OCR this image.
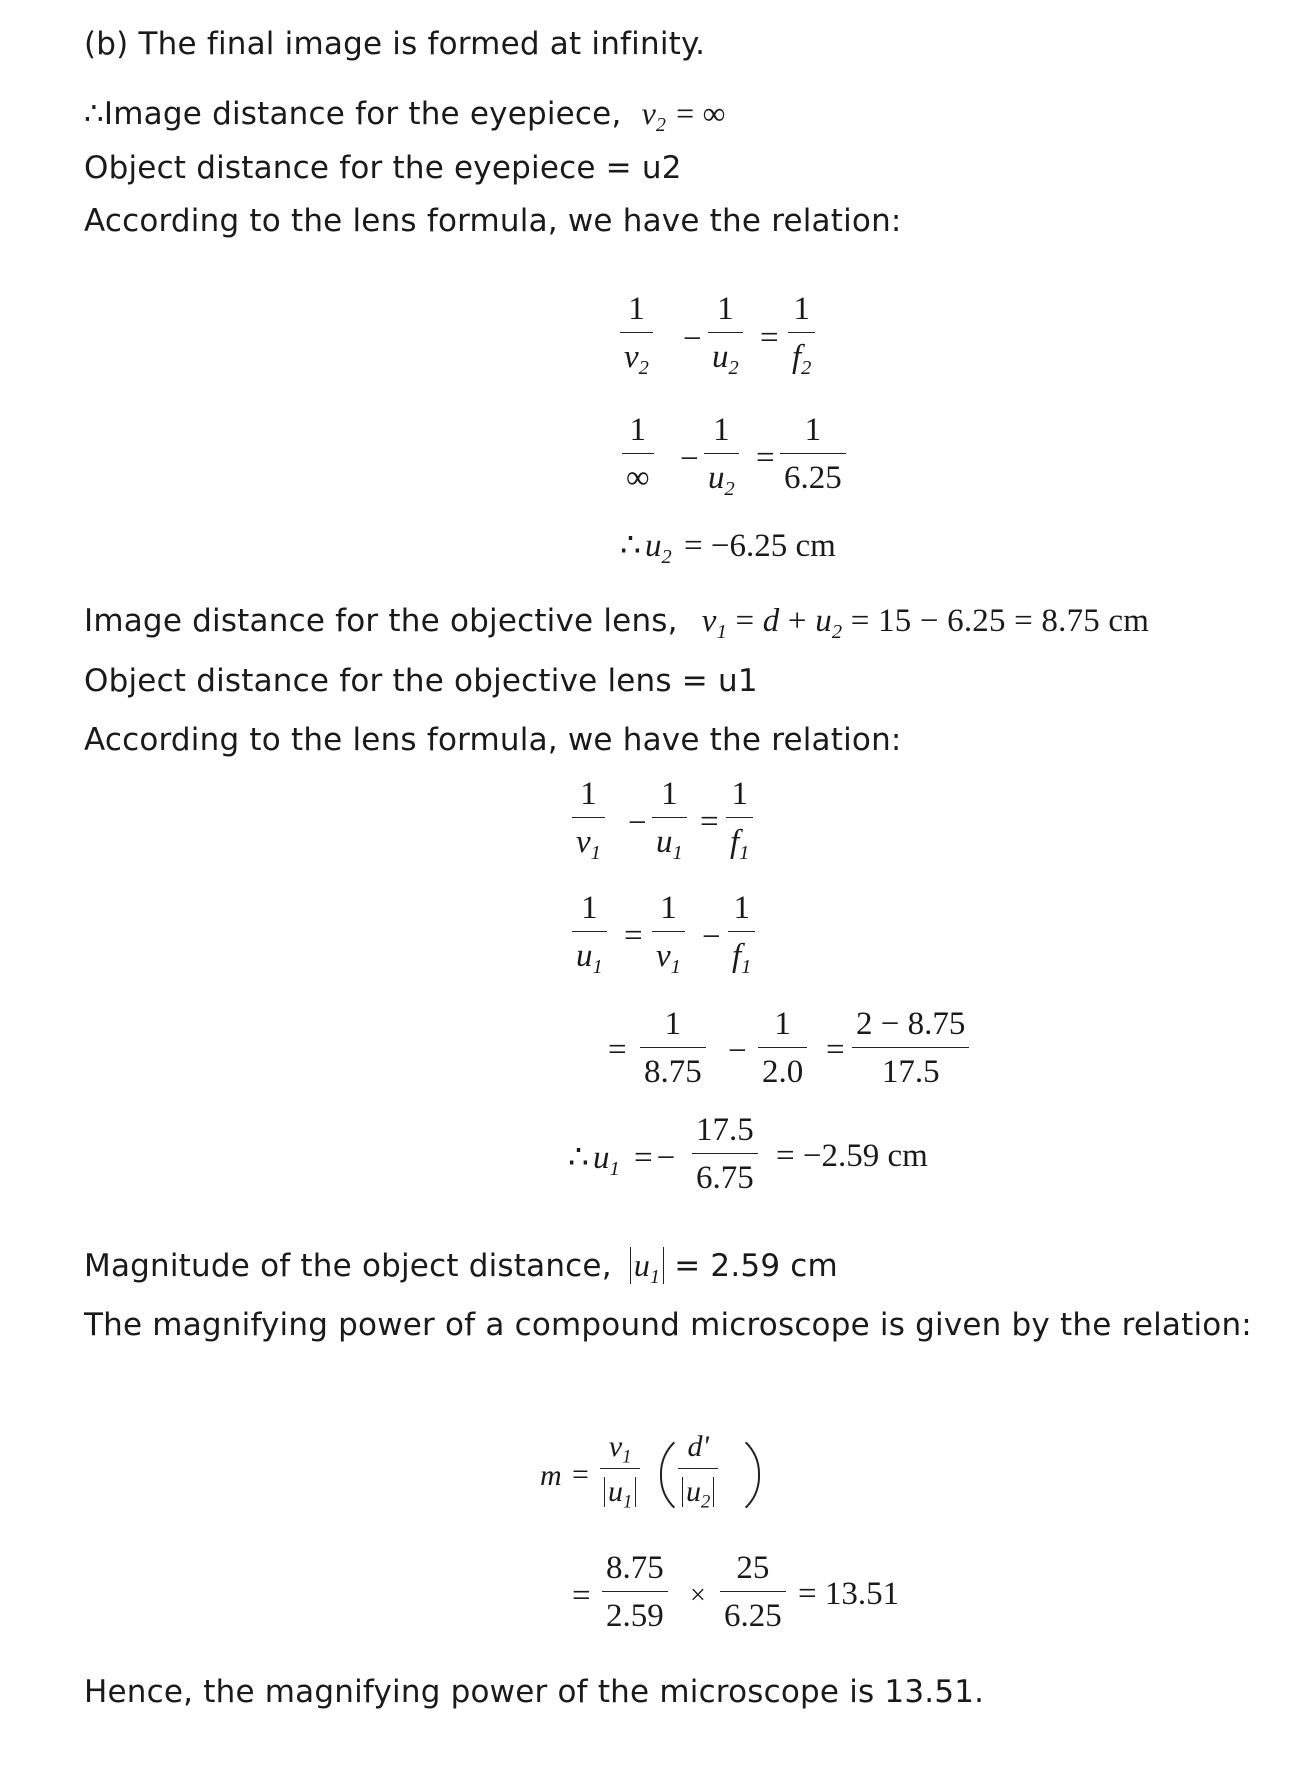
(b) The final image is formed at infinity.
∴Image distance for the eyepiece, $v_2$ = ∞
Object distance for the eyepiece = u2
According to the lens formula, we have the relation:
1
$v_2$
−
1
$u_2$
=
1
$f_2$
1
∞
−
1
$u_2$
=
1
6.25
∴ $u_2 = -6.25$ cm
Image distance for the objective lens, $v_1 = d + u_2 = 15 - 6.25 = 8.75$ cm
Object distance for the objective lens = u1
According to the lens formula, we have the relation:
1
$v_1$
−
1
$u_1$
=
1
$f_1$
1
$u_1$
=
1
$v_1$
−
1
$f_1$
=
1
8.75
−
1
2.0
=
2 − 8.75
17.5
∴ $u_1$ = −
17.5
6.75
= −2.59 cm
Magnitude of the object distance, $u_1 = 2.59$ cm
The magnifying power of a compound microscope is given by the relation:
m =
$v_1$
$u_1$
d'
$u_2$
=
8.75
2.59
×
25
6.25
= 13.51
Hence, the magnifying power of the microscope is 13.51.
